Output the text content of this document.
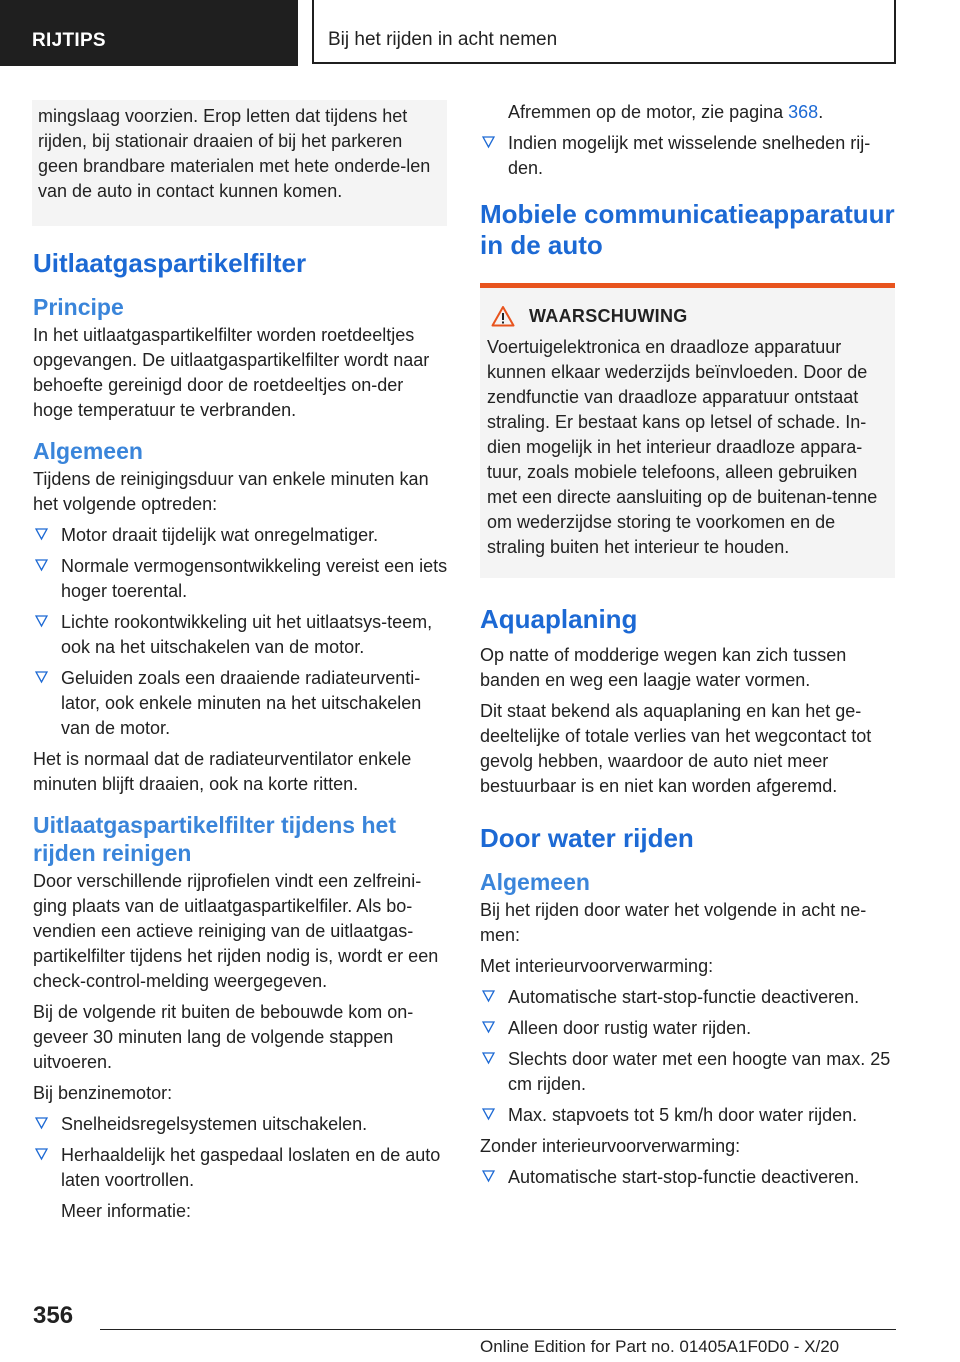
RIJTIPS	Bij het rijden in acht nemen

mingslaag voorzien. Erop letten dat tijdens het rijden, bij stationair draaien of bij het parkeren geen brandbare materialen met hete onderde‐len van de auto in contact kunnen komen.

Uitlaatgaspartikelfilter
Principe

In het uitlaatgaspartikelfilter worden roetdeeltjes opgevangen. De uitlaatgaspartikelfilter wordt naar behoefte gereinigd door de roetdeeltjes on‐der hoge temperatuur te verbranden.

Algemeen

Tijdens de reinigingsduur van enkele minuten kan het volgende optreden:

Motor draait tijdelijk wat onregelmatiger.
Normale vermogensontwikkeling vereist een iets hoger toerental.
Lichte rookontwikkeling uit het uitlaatsys‐teem, ook na het uitschakelen van de motor.
Geluiden zoals een draaiende radiateurventi‐lator, ook enkele minuten na het uitschakelen van de motor.

Het is normaal dat de radiateurventilator enkele minuten blijft draaien, ook na korte ritten.

Uitlaatgaspartikelfilter tijdens het rijden reinigen

Door verschillende rijprofielen vindt een zelfreini‐ging plaats van de uitlaatgaspartikelfiler. Als bo‐vendien een actieve reiniging van de uitlaatgas‐partikelfilter tijdens het rijden nodig is, wordt er een check-control-melding weergegeven.

Bij de volgende rit buiten de bebouwde kom on‐geveer 30 minuten lang de volgende stappen uitvoeren.

Bij benzinemotor:

Snelheidsregelsystemen uitschakelen.
Herhaaldelijk het gaspedaal loslaten en de auto laten voortrollen.

Meer informatie:

Afremmen op de motor, zie pagina 368.

Indien mogelijk met wisselende snelheden rij‐den.
Mobiele communicatieapparatuur in de auto
WAARSCHUWING

Voertuigelektronica en draadloze apparatuur kunnen elkaar wederzijds beïnvloeden. Door de zendfunctie van draadloze apparatuur ontstaat straling. Er bestaat kans op letsel of schade. In‐dien mogelijk in het interieur draadloze appara‐tuur, zoals mobiele telefoons, alleen gebruiken met een directe aansluiting op de buitenan‐tenne om wederzijdse storing te voorkomen en de straling buiten het interieur te houden.

Aquaplaning

Op natte of modderige wegen kan zich tussen banden en weg een laagje water vormen.

Dit staat bekend als aquaplaning en kan het ge‐deeltelijke of totale verlies van het wegcontact tot gevolg hebben, waardoor de auto niet meer bestuurbaar is en niet kan worden afgeremd.

Door water rijden
Algemeen

Bij het rijden door water het volgende in acht ne‐men:

Met interieurvoorverwarming:

Automatische start-stop-functie deactiveren.
Alleen door rustig water rijden.
Slechts door water met een hoogte van max. 25 cm rijden.
Max. stapvoets tot 5 km/h door water rijden.

Zonder interieurvoorverwarming:

Automatische start-stop-functie deactiveren.
356
Online Edition for Part no. 01405A1F0D0 - X/20
